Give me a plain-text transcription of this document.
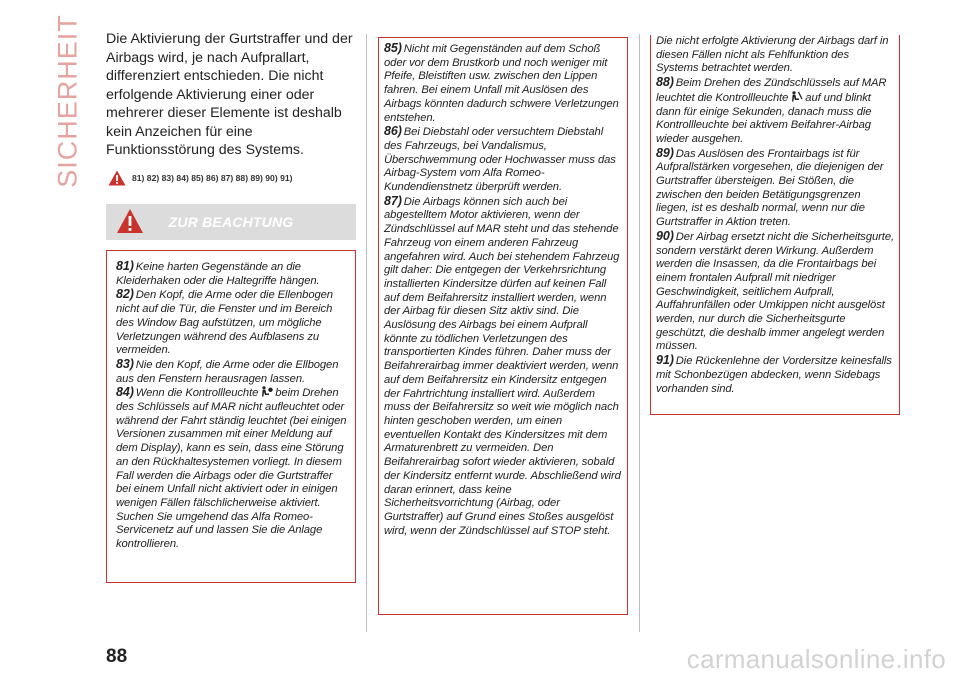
SICHERHEIT Die Aktivierung der Gurtstraffer und der Airbags wird, je nach Aufprallart, differenziert entschieden. Die nicht erfolgende Aktivierung einer oder mehrerer dieser Elemente ist deshalb kein Anzeichen für eine Funktionsstörung des Systems.

81) 82) 83) 84) 85) 86) 87) 88) 89) 90) 91)
ZUR BEACHTUNG

81) Keine harten Gegenstände an die Kleiderhaken oder die Haltegriffe hängen.

82) Den Kopf, die Arme oder die Ellenbogen nicht auf die Tür, die Fenster und im Bereich des Window Bag aufstützen, um mögliche Verletzungen während des Aufblasens zu vermeiden.

83) Nie den Kopf, die Arme oder die Ellbogen aus den Fenstern herausragen lassen.

84) Wenn die Kontrollleuchte beim Drehen des Schlüssels auf MAR nicht aufleuchtet oder während der Fahrt ständig leuchtet (bei einigen Versionen zusammen mit einer Meldung auf dem Display), kann es sein, dass eine Störung an den Rückhaltesystemen vorliegt. In diesem Fall werden die Airbags oder die Gurtstraffer bei einem Unfall nicht aktiviert oder in einigen wenigen Fällen fälschlicherweise aktiviert. Suchen Sie umgehend das Alfa Romeo-Servicenetz auf und lassen Sie die Anlage kontrollieren.

85) Nicht mit Gegenständen auf dem Schoß oder vor dem Brustkorb und noch weniger mit Pfeife, Bleistiften usw. zwischen den Lippen fahren. Bei einem Unfall mit Auslösen des Airbags könnten dadurch schwere Verletzungen entstehen.

86) Bei Diebstahl oder versuchtem Diebstahl des Fahrzeugs, bei Vandalismus, Überschwemmung oder Hochwasser muss das Airbag-System vom Alfa Romeo-Kundendienstnetz überprüft werden.

87) Die Airbags können sich auch bei abgestelltem Motor aktivieren, wenn der Zündschlüssel auf MAR steht und das stehende Fahrzeug von einem anderen Fahrzeug angefahren wird. Auch bei stehendem Fahrzeug gilt daher: Die entgegen der Verkehrsrichtung installierten Kindersitze dürfen auf keinen Fall auf dem Beifahrersitz installiert werden, wenn der Airbag für diesen Sitz aktiv sind. Die Auslösung des Airbags bei einem Aufprall könnte zu tödlichen Verletzungen des transportierten Kindes führen. Daher muss der Beifahrerairbag immer deaktiviert werden, wenn auf dem Beifahrersitz ein Kindersitz entgegen der Fahrtrichtung installiert wird. Außerdem muss der Beifahrersitz so weit wie möglich nach hinten geschoben werden, um einen eventuellen Kontakt des Kindersitzes mit dem Armaturenbrett zu vermeiden. Den Beifahrerairbag sofort wieder aktivieren, sobald der Kindersitz entfernt wurde. Abschließend wird daran erinnert, dass keine Sicherheitsvorrichtung (Airbag, oder Gurtstraffer) auf Grund eines Stoßes ausgelöst wird, wenn der Zündschlüssel auf STOP steht.

Die nicht erfolgte Aktivierung der Airbags darf in diesen Fällen nicht als Fehlfunktion des Systems betrachtet werden.

88) Beim Drehen des Zündschlüssels auf MAR leuchtet die Kontrollleuchte auf und blinkt dann für einige Sekunden, danach muss die Kontrollleuchte bei aktivem Beifahrer-Airbag wieder ausgehen.

89) Das Auslösen des Frontairbags ist für Aufprallstärken vorgesehen, die diejenigen der Gurtstraffer übersteigen. Bei Stößen, die zwischen den beiden Betätigungsgrenzen liegen, ist es deshalb normal, wenn nur die Gurtstraffer in Aktion treten.

90) Der Airbag ersetzt nicht die Sicherheitsgurte, sondern verstärkt deren Wirkung. Außerdem werden die Insassen, da die Frontairbags bei einem frontalen Aufprall mit niedriger Geschwindigkeit, seitlichem Aufprall, Auffahrunfällen oder Umkippen nicht ausgelöst werden, nur durch die Sicherheitsgurte geschützt, die deshalb immer angelegt werden müssen.

91) Die Rückenlehne der Vordersitze keinesfalls mit Schonbezügen abdecken, wenn Sidebags vorhanden sind.

88	carmanualsonline.info
